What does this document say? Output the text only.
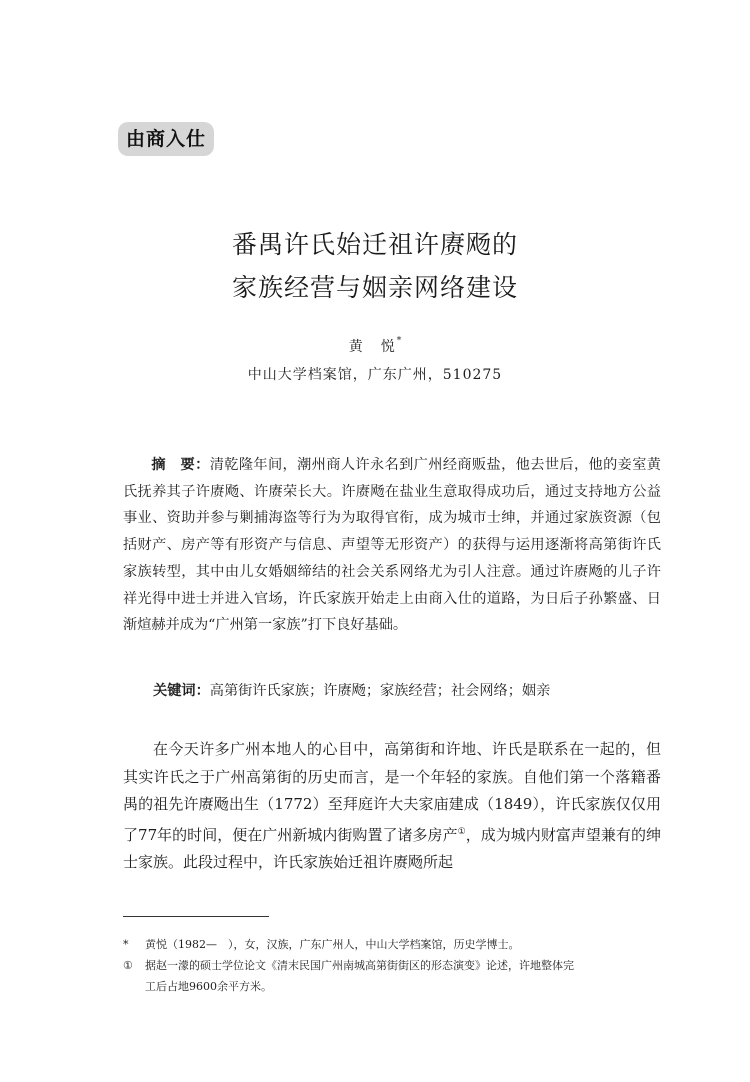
由商入仕
番禺许氏始迁祖许赓飏的
家族经营与姻亲网络建设
黄　悦*
中山大学档案馆，广东广州，510275

摘　要：清乾隆年间，潮州商人许永名到广州经商贩盐，他去世后，他的妾室黄氏抚养其子许赓飏、许赓荣长大。许赓飏在盐业生意取得成功后，通过支持地方公益事业、资助并参与剿捕海盗等行为为取得官衔，成为城市士绅，并通过家族资源（包括财产、房产等有形资产与信息、声望等无形资产）的获得与运用逐渐将高第街许氏家族转型，其中由儿女婚姻缔结的社会关系网络尤为引人注意。通过许赓飏的儿子许祥光得中进士并进入官场，许氏家族开始走上由商入仕的道路，为日后子孙繁盛、日渐煊赫并成为“广州第一家族”打下良好基础。

关键词：高第街许氏家族；许赓飏；家族经营；社会网络；姻亲

在今天许多广州本地人的心目中，高第街和许地、许氏是联系在一起的，但其实许氏之于广州高第街的历史而言，是一个年轻的家族。自他们第一个落籍番禺的祖先许赓飏出生（1772）至拜庭许大夫家庙建成（1849），许氏家族仅仅用了77年的时间，便在广州新城内街购置了诸多房产①，成为城内财富声望兼有的绅士家族。此段过程中，许氏家族始迁祖许赓飏所起

* 黄悦（1982—　），女，汉族，广东广州人，中山大学档案馆，历史学博士。

① 据赵一濛的硕士学位论文《清末民国广州南城高第街街区的形态演变》论述，许地整体完
工后占地9600余平方米。
